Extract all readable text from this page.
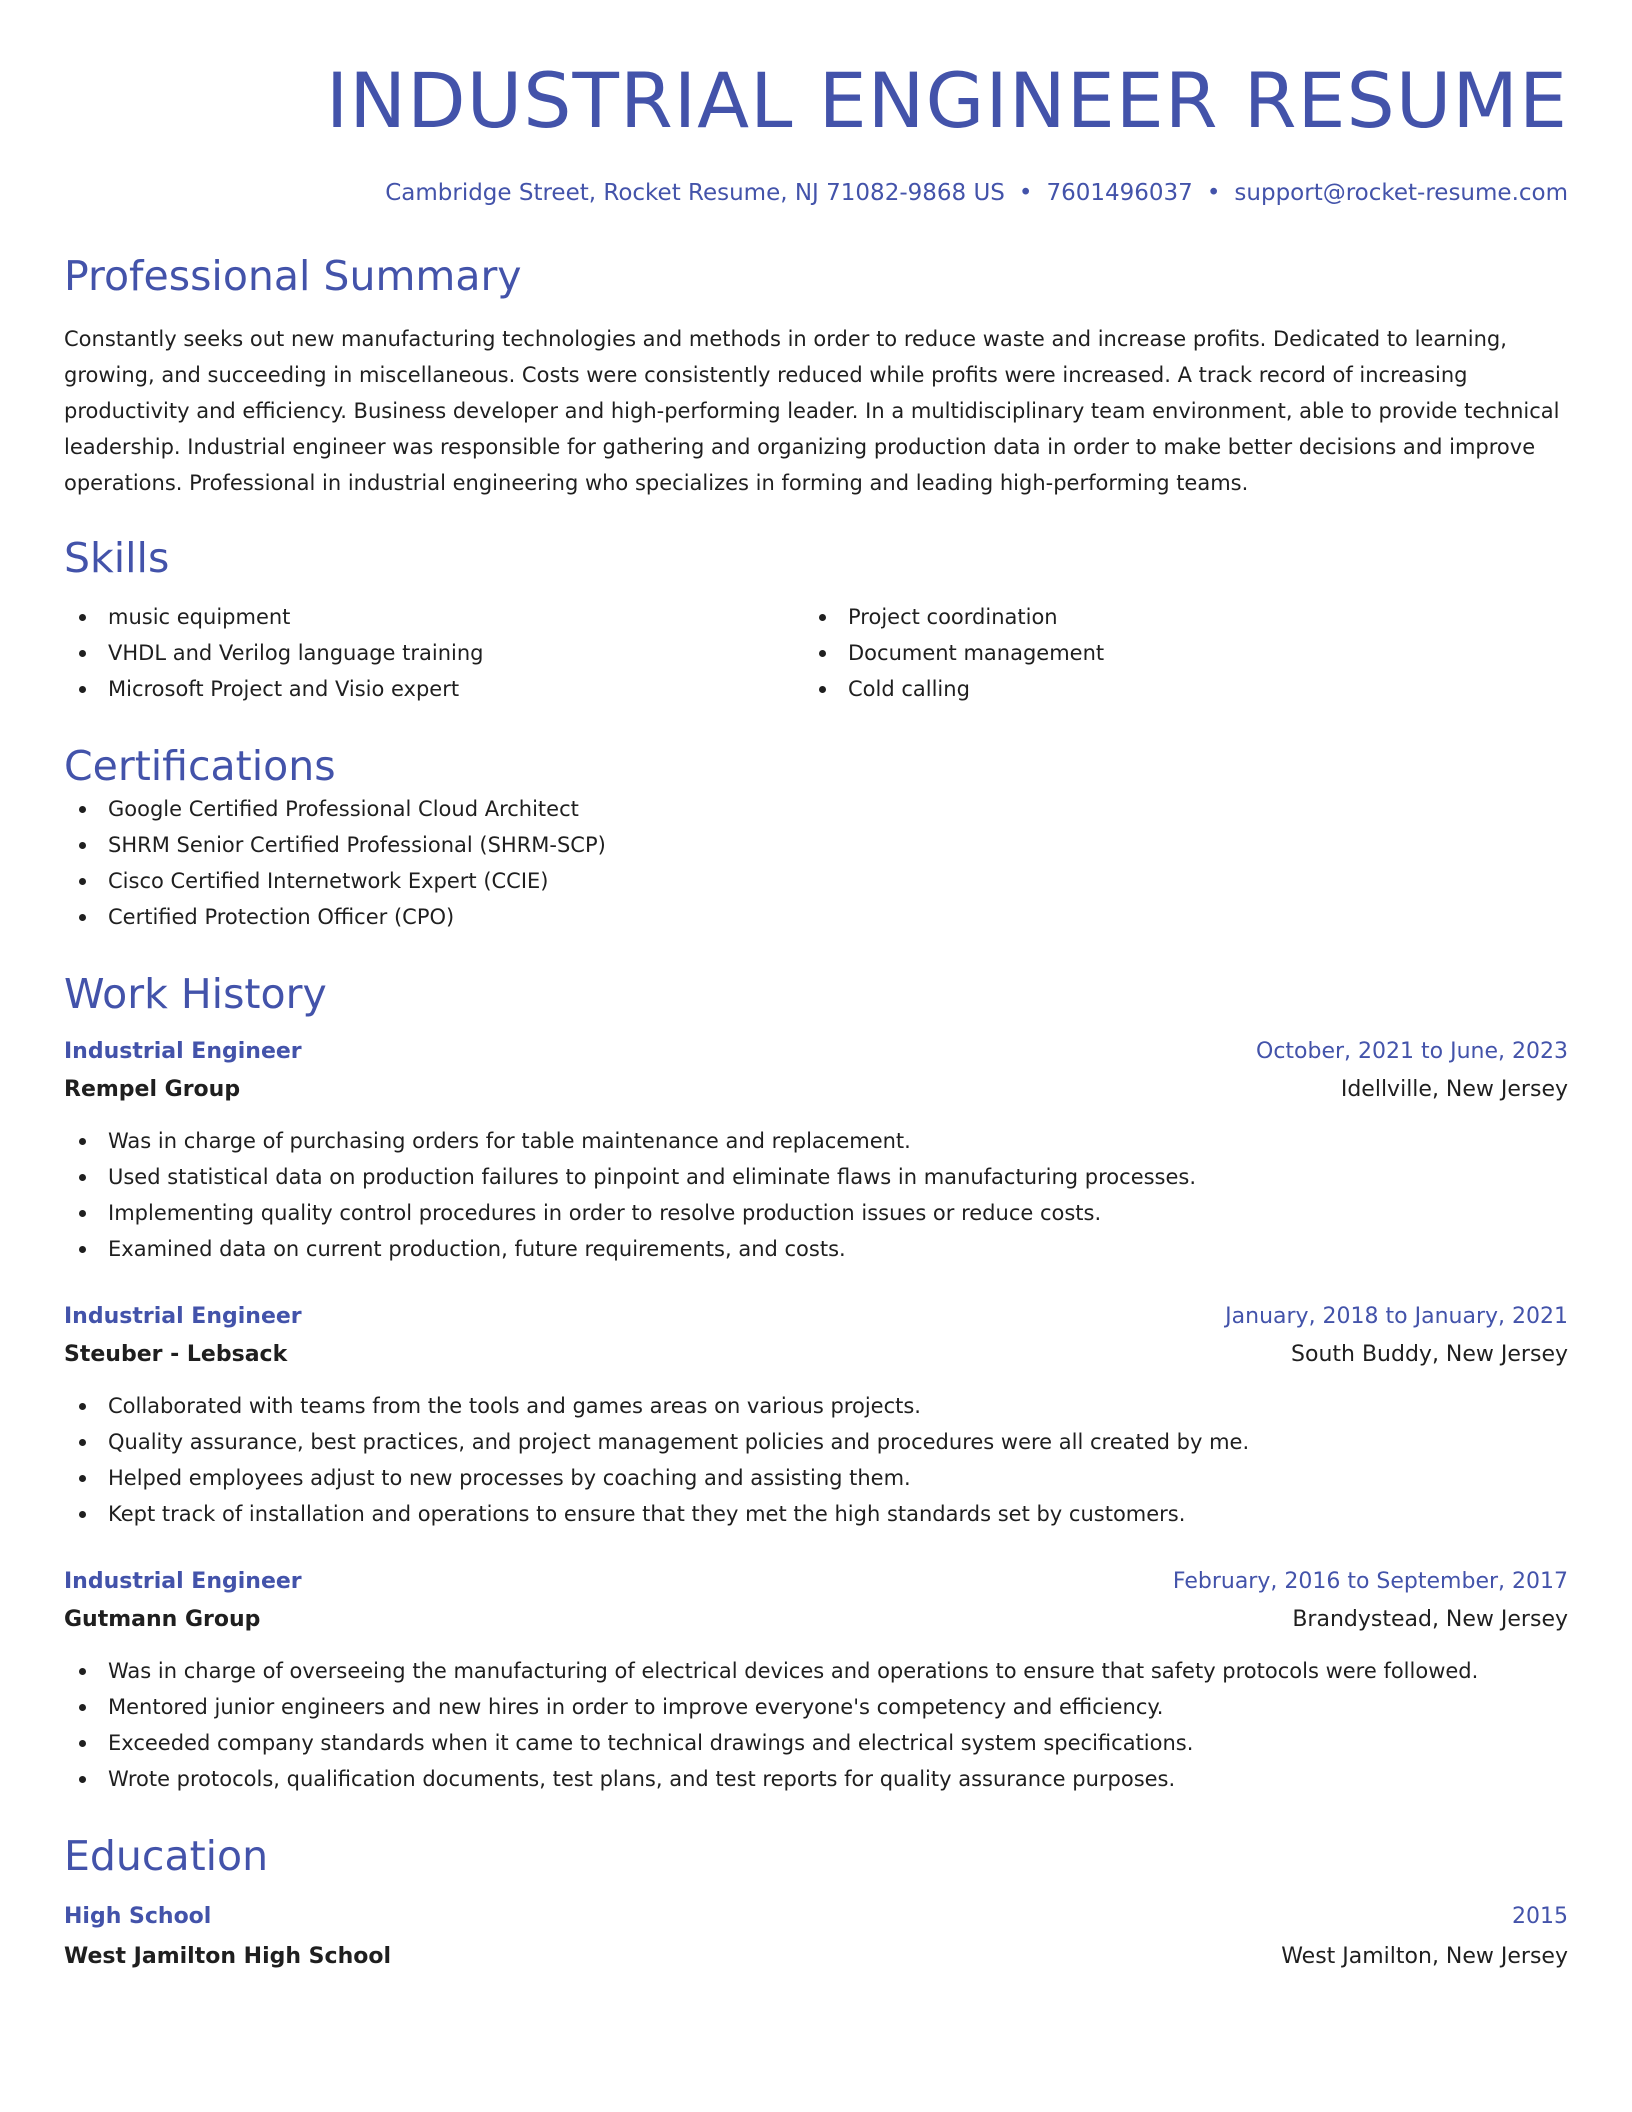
INDUSTRIAL ENGINEER RESUME
Cambridge Street, Rocket Resume, NJ 71082-9868 US • 7601496037 • support@rocket-resume.com
Professional Summary

Constantly seeks out new manufacturing technologies and methods in order to reduce waste and increase profits. Dedicated to learning, growing, and succeeding in miscellaneous. Costs were consistently reduced while profits were increased. A track record of increasing productivity and efficiency. Business developer and high-performing leader. In a multidisciplinary team environment, able to provide technical leadership. Industrial engineer was responsible for gathering and organizing production data in order to make better decisions and improve operations. Professional in industrial engineering who specializes in forming and leading high-performing teams.

Skills
music equipment
VHDL and Verilog language training
Microsoft Project and Visio expert
Project coordination
Document management
Cold calling
Certifications
Google Certified Professional Cloud Architect
SHRM Senior Certified Professional (SHRM-SCP)
Cisco Certified Internetwork Expert (CCIE)
Certified Protection Officer (CPO)
Work History
Industrial Engineer	October, 2021 to June, 2023
Rempel Group	Idellville, New Jersey
Was in charge of purchasing orders for table maintenance and replacement.
Used statistical data on production failures to pinpoint and eliminate flaws in manufacturing processes.
Implementing quality control procedures in order to resolve production issues or reduce costs.
Examined data on current production, future requirements, and costs.
Industrial Engineer	January, 2018 to January, 2021
Steuber - Lebsack	South Buddy, New Jersey
Collaborated with teams from the tools and games areas on various projects.
Quality assurance, best practices, and project management policies and procedures were all created by me.
Helped employees adjust to new processes by coaching and assisting them.
Kept track of installation and operations to ensure that they met the high standards set by customers.
Industrial Engineer	February, 2016 to September, 2017
Gutmann Group	Brandystead, New Jersey
Was in charge of overseeing the manufacturing of electrical devices and operations to ensure that safety protocols were followed.
Mentored junior engineers and new hires in order to improve everyone's competency and efficiency.
Exceeded company standards when it came to technical drawings and electrical system specifications.
Wrote protocols, qualification documents, test plans, and test reports for quality assurance purposes.
Education
High School	2015
West Jamilton High School	West Jamilton, New Jersey
